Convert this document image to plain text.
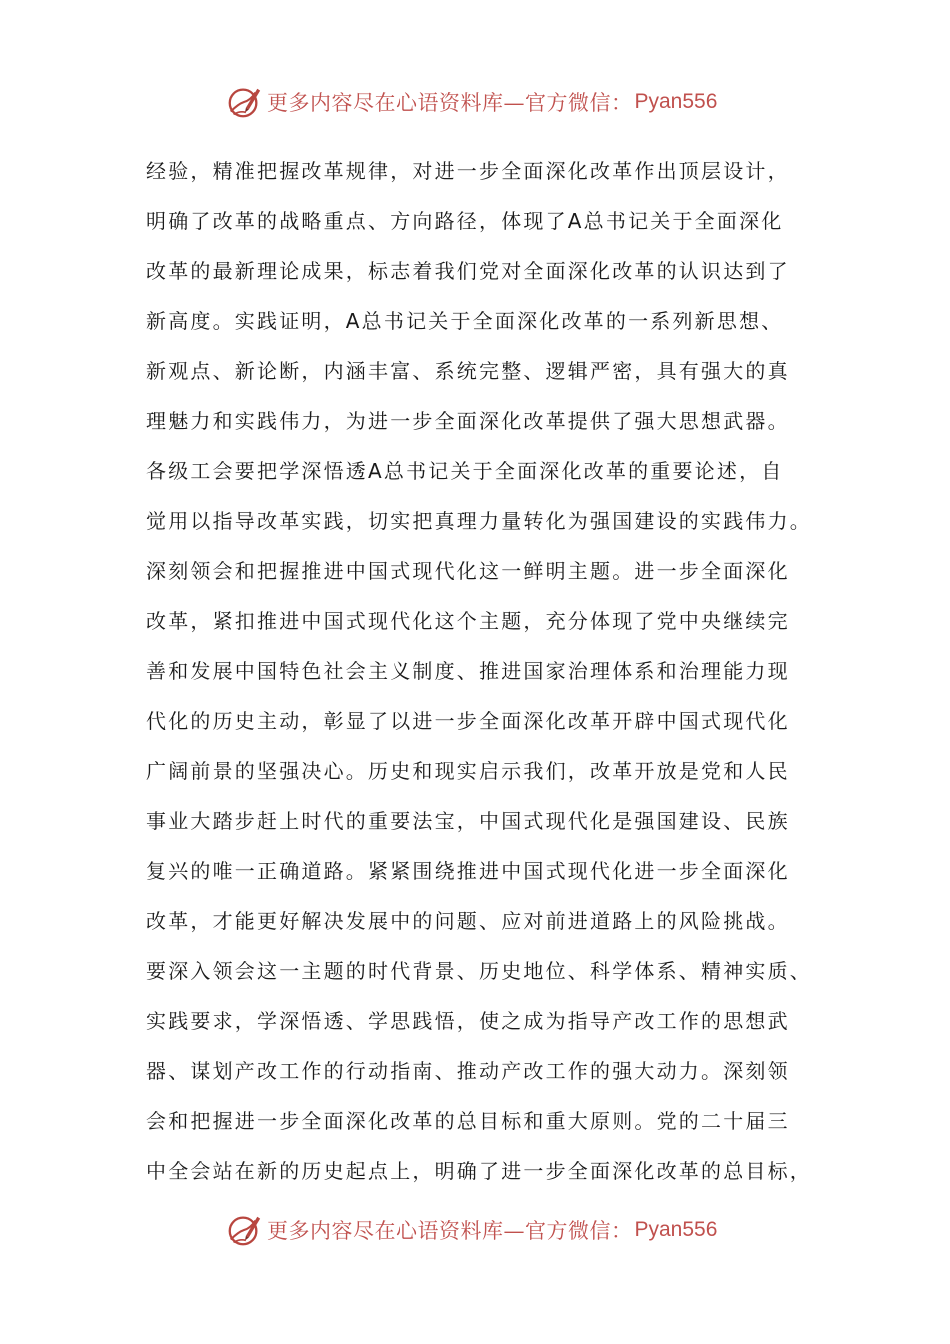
更多内容尽在心语资料库—官方微信： Pyan556
经验，精准把握改革规律，对进一步全面深化改革作出顶层设计，
明确了改革的战略重点、方向路径，体现了A总书记关于全面深化
改革的最新理论成果，标志着我们党对全面深化改革的认识达到了
新高度。实践证明，A总书记关于全面深化改革的一系列新思想、
新观点、新论断，内涵丰富、系统完整、逻辑严密，具有强大的真
理魅力和实践伟力，为进一步全面深化改革提供了强大思想武器。
各级工会要把学深悟透A总书记关于全面深化改革的重要论述，自
觉用以指导改革实践，切实把真理力量转化为强国建设的实践伟力。
深刻领会和把握推进中国式现代化这一鲜明主题。进一步全面深化
改革，紧扣推进中国式现代化这个主题，充分体现了党中央继续完
善和发展中国特色社会主义制度、推进国家治理体系和治理能力现
代化的历史主动，彰显了以进一步全面深化改革开辟中国式现代化
广阔前景的坚强决心。历史和现实启示我们，改革开放是党和人民
事业大踏步赶上时代的重要法宝，中国式现代化是强国建设、民族
复兴的唯一正确道路。紧紧围绕推进中国式现代化进一步全面深化
改革，才能更好解决发展中的问题、应对前进道路上的风险挑战。
要深入领会这一主题的时代背景、历史地位、科学体系、精神实质、
实践要求，学深悟透、学思践悟，使之成为指导产改工作的思想武
器、谋划产改工作的行动指南、推动产改工作的强大动力。深刻领
会和把握进一步全面深化改革的总目标和重大原则。党的二十届三
中全会站在新的历史起点上，明确了进一步全面深化改革的总目标，
更多内容尽在心语资料库—官方微信： Pyan556
